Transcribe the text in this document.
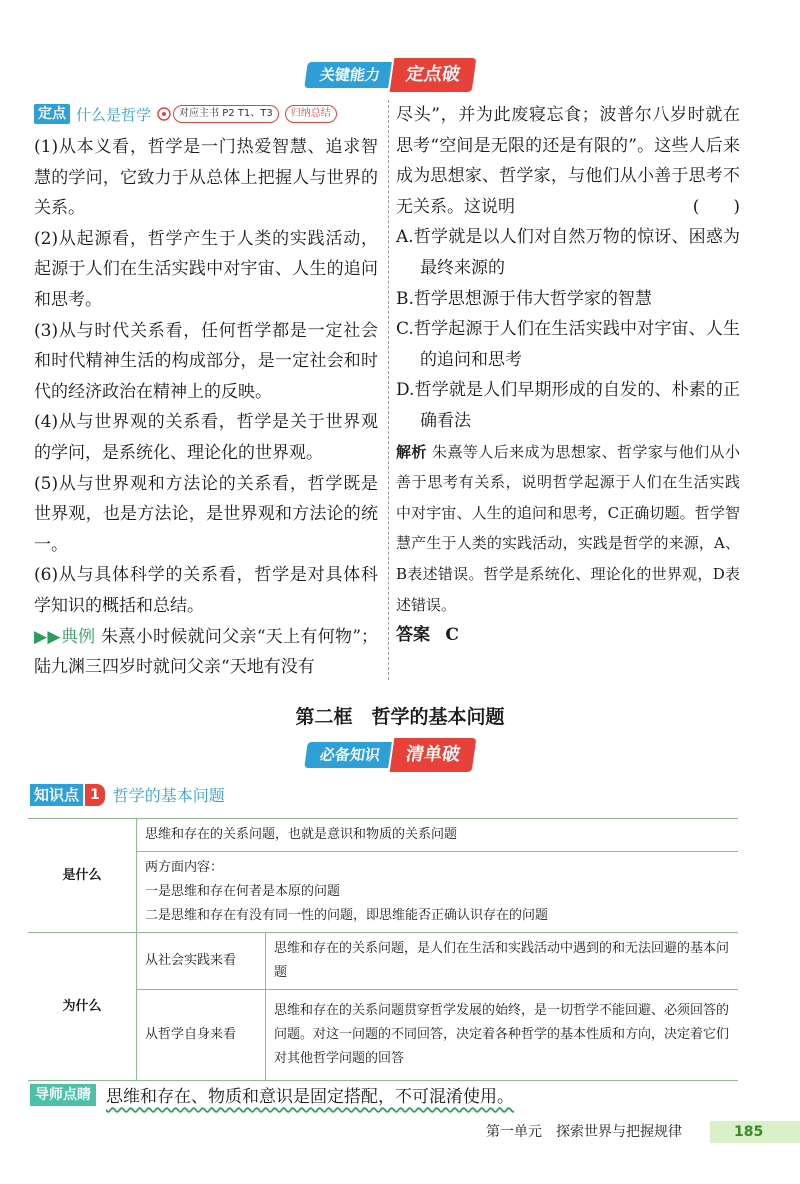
关键能力	定点破
定点 什么是哲学	对应主书 P2 T1、T3	归纳总结

(1)从本义看，哲学是一门热爱智慧、追求智慧的学问，它致力于从总体上把握人与世界的关系。

(2)从起源看，哲学产生于人类的实践活动，起源于人们在生活实践中对宇宙、人生的追问和思考。

(3)从与时代关系看，任何哲学都是一定社会和时代精神生活的构成部分，是一定社会和时代的经济政治在精神上的反映。

(4)从与世界观的关系看，哲学是关于世界观的学问，是系统化、理论化的世界观。

(5)从与世界观和方法论的关系看，哲学既是世界观，也是方法论，是世界观和方法论的统一。

(6)从与具体科学的关系看，哲学是对具体科学知识的概括和总结。

▶▶典例 朱熹小时候就问父亲“天上有何物”；陆九渊三四岁时就问父亲“天地有没有

尽头”，并为此废寝忘食；波普尔八岁时就在思考“空间是无限的还是有限的”。这些人后来成为思想家、哲学家，与他们从小善于思考不无关系。这说明	(　　)

A.哲学就是以人们对自然万物的惊讶、困惑为最终来源的

B.哲学思想源于伟大哲学家的智慧

C.哲学起源于人们在生活实践中对宇宙、人生的追问和思考

D.哲学就是人们早期形成的自发的、朴素的正确看法

解析 朱熹等人后来成为思想家、哲学家与他们从小善于思考有关系，说明哲学起源于人们在生活实践中对宇宙、人生的追问和思考，C正确切题。哲学智慧产生于人类的实践活动，实践是哲学的来源，A、B表述错误。哲学是系统化、理论化的世界观，D表述错误。

答案 C

第二框　哲学的基本问题
必备知识	清单破
知识点 1 哲学的基本问题
是什么	思维和存在的关系问题，也就是意识和物质的关系问题	
	两方面内容：
一是思维和存在何者是本原的问题
二是思维和存在有没有同一性的问题，即思维能否正确认识存在的问题	
为什么	从社会实践来看	思维和存在的关系问题，是人们在生活和实践活动中遇到的和无法回避的基本问题
	从哲学自身来看	思维和存在的关系问题贯穿哲学发展的始终，是一切哲学不能回避、必须回答的问题。对这一问题的不同回答，决定着各种哲学的基本性质和方向，决定着它们对其他哲学问题的回答
导师点睛 思维和存在、物质和意识是固定搭配，不可混淆使用。
第一单元　探索世界与把握规律	185
